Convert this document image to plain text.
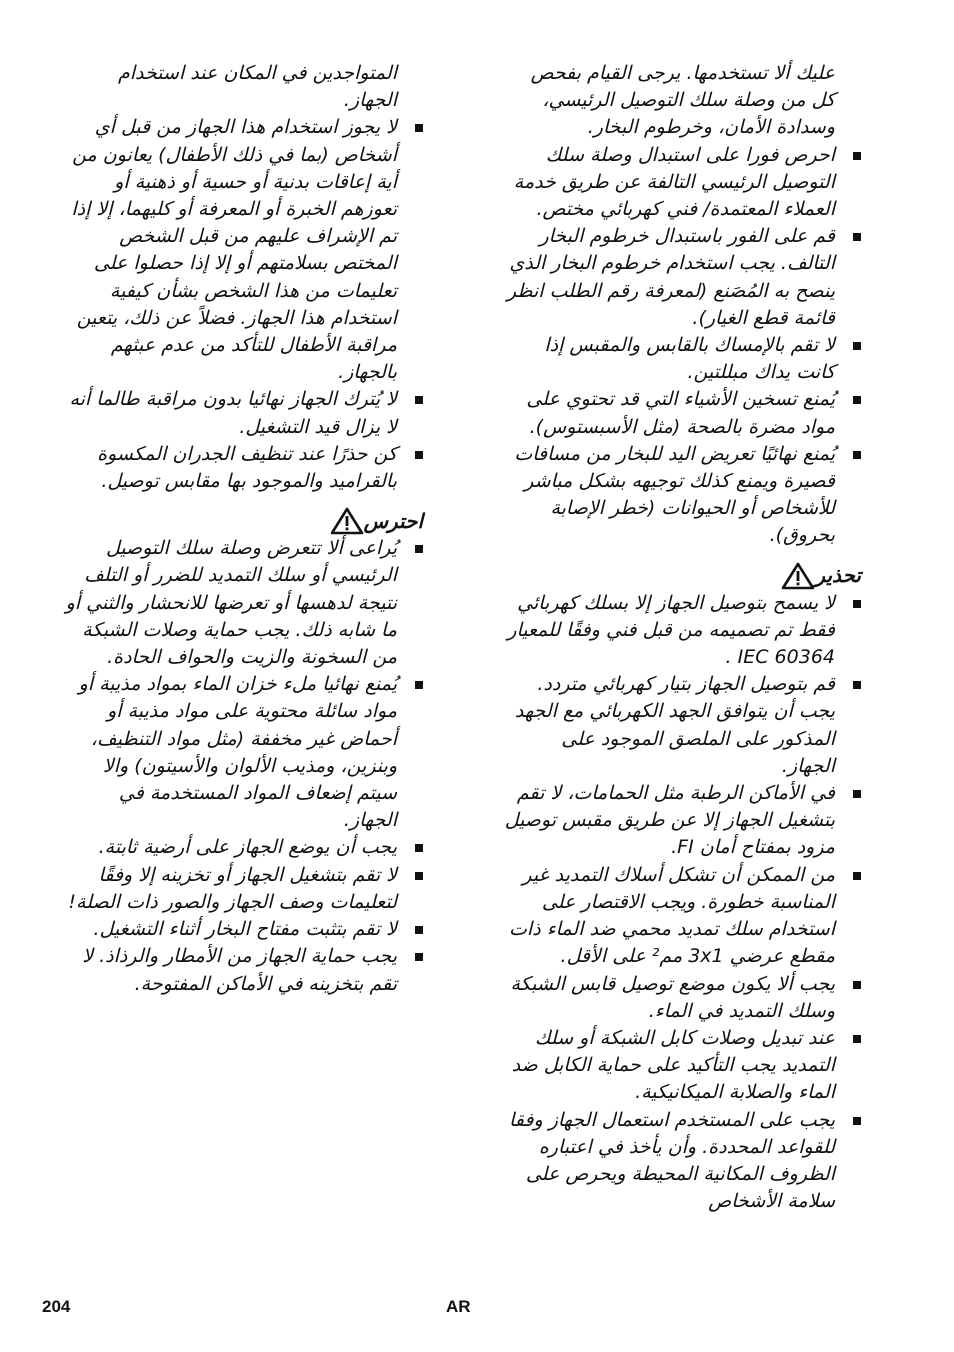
عليك ألا تستخدمها. يرجى القيام بفحص كل من وصلة سلك التوصيل الرئيسي، وسدادة الأمان، وخرطوم البخار.

احرص فورا على استبدال وصلة سلك التوصيل الرئيسي التالفة عن طريق خدمة العملاء المعتمدة/ فني كهربائي مختص.
قم على الفور باستبدال خرطوم البخار التالف. يجب استخدام خرطوم البخار الذي ينصح به المُصَنع (لمعرفة رقم الطلب انظر قائمة قطع الغيار).
لا تقم بالإمساك بالقابس والمقبس إذا كانت يداك مبللتين.
يُمنع تسخين الأشياء التي قد تحتوي على مواد مضرة بالصحة (مثل الأسبستوس).
يُمنع نهائيًا تعريض اليد للبخار من مسافات قصيرة ويمنع كذلك توجيهه بشكل مباشر للأشخاص أو الحيوانات (خطر الإصابة بحروق).
تحذير
لا يسمح بتوصيل الجهاز إلا بسلك كهربائي فقط تم تصميمه من قبل فني وفقًا للمعيار IEC 60364 .
قم بتوصيل الجهاز بتيار كهربائي متردد. يجب أن يتوافق الجهد الكهربائي مع الجهد المذكور على الملصق الموجود على الجهاز.
في الأماكن الرطبة مثل الحمامات، لا تقم بتشغيل الجهاز إلا عن طريق مقبس توصيل مزود بمفتاح أمان FI.
من الممكن أن تشكل أسلاك التمديد غير المناسبة خطورة. ويجب الاقتصار على استخدام سلك تمديد محمي ضد الماء ذات مقطع عرضي 3x1 مم² على الأقل.
يجب ألا يكون موضع توصيل قابس الشبكة وسلك التمديد في الماء.
عند تبديل وصلات كابل الشبكة أو سلك التمديد يجب التأكيد على حماية الكابل ضد الماء والصلابة الميكانيكية.
يجب على المستخدم استعمال الجهاز وفقا للقواعد المحددة. وأن يأخذ في اعتباره الظروف المكانية المحيطة ويحرص على سلامة الأشخاص

المتواجدين في المكان عند استخدام الجهاز.

لا يجوز استخدام هذا الجهاز من قبل أي أشخاص (بما في ذلك الأطفال) يعانون من أية إعاقات بدنية أو حسية أو ذهنية أو تعوزهم الخبرة أو المعرفة أو كليهما، إلا إذا تم الإشراف عليهم من قبل الشخص المختص بسلامتهم أو إلا إذا حصلوا على تعليمات من هذا الشخص بشأن كيفية استخدام هذا الجهاز. فضلاً عن ذلك، يتعين مراقبة الأطفال للتأكد من عدم عبثهم بالجهاز.
لا يُترك الجهاز نهائيا بدون مراقبة طالما أنه لا يزال قيد التشغيل.
كن حذرًا عند تنظيف الجدران المكسوة بالقراميد والموجود بها مقابس توصيل.
احترس
يُراعى ألا تتعرض وصلة سلك التوصيل الرئيسي أو سلك التمديد للضرر أو التلف نتيجة لدهسها أو تعرضها للانحشار والثني أو ما شابه ذلك. يجب حماية وصلات الشبكة من السخونة والزيت والحواف الحادة.
يُمنع نهائيا ملء خزان الماء بمواد مذيبة أو مواد سائلة محتوية على مواد مذيبة أو أحماض غير مخففة (مثل مواد التنظيف، وبنزين، ومذيب الألوان والأسيتون) والا سيتم إضعاف المواد المستخدمة في الجهاز.
يجب أن يوضع الجهاز على أرضية ثابتة.
لا تقم بتشغيل الجهاز أو تخزينه إلا وفقًا لتعليمات وصف الجهاز والصور ذات الصلة!
لا تقم بتثبت مفتاح البخار أثناء التشغيل.
يجب حماية الجهاز من الأمطار والرذاذ. لا تقم بتخزينه في الأماكن المفتوحة.
204	AR
